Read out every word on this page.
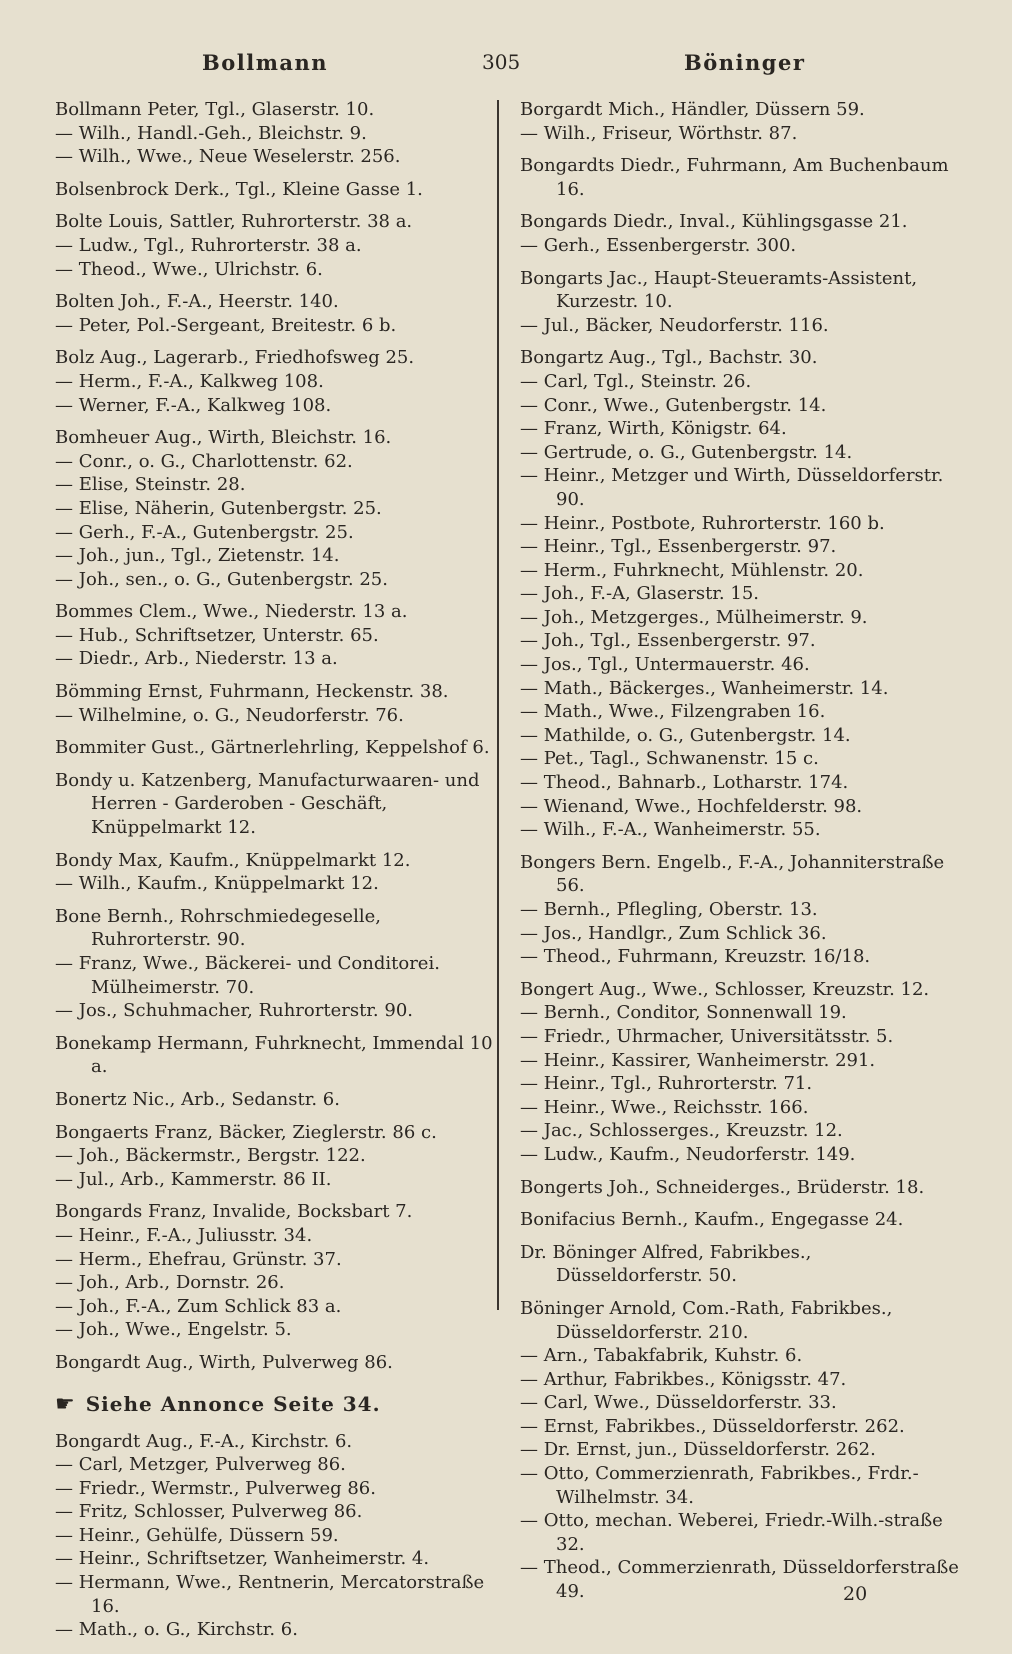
Bollmann	305	Böninger
Bollmann Peter, Tgl., Glaserstr. 10.
— Wilh., Handl.-Geh., Bleichstr. 9.
— Wilh., Wwe., Neue Weselerstr. 256.
Bolsenbrock Derk., Tgl., Kleine Gasse 1.
Bolte Louis, Sattler, Ruhrorterstr. 38 a.
— Ludw., Tgl., Ruhrorterstr. 38 a.
— Theod., Wwe., Ulrichstr. 6.
Bolten Joh., F.-A., Heerstr. 140.
— Peter, Pol.-Sergeant, Breitestr. 6 b.
Bolz Aug., Lagerarb., Friedhofsweg 25.
— Herm., F.-A., Kalkweg 108.
— Werner, F.-A., Kalkweg 108.
Bomheuer Aug., Wirth, Bleichstr. 16.
— Conr., o. G., Charlottenstr. 62.
— Elise, Steinstr. 28.
— Elise, Näherin, Gutenbergstr. 25.
— Gerh., F.-A., Gutenbergstr. 25.
— Joh., jun., Tgl., Zietenstr. 14.
— Joh., sen., o. G., Gutenbergstr. 25.
Bommes Clem., Wwe., Niederstr. 13 a.
— Hub., Schriftsetzer, Unterstr. 65.
— Diedr., Arb., Niederstr. 13 a.
Bömming Ernst, Fuhrmann, Heckenstr. 38.
— Wilhelmine, o. G., Neudorferstr. 76.
Bommiter Gust., Gärtnerlehrling, Keppelshof 6.
Bondy u. Katzenberg, Manufacturwaaren- und Herren - Garderoben - Geschäft, Knüppelmarkt 12.
Bondy Max, Kaufm., Knüppelmarkt 12.
— Wilh., Kaufm., Knüppelmarkt 12.
Bone Bernh., Rohrschmiedegeselle, Ruhrorterstr. 90.
— Franz, Wwe., Bäckerei- und Conditorei. Mülheimerstr. 70.
— Jos., Schuhmacher, Ruhrorterstr. 90.
Bonekamp Hermann, Fuhrknecht, Immendal 10 a.
Bonertz Nic., Arb., Sedanstr. 6.
Bongaerts Franz, Bäcker, Zieglerstr. 86 c.
— Joh., Bäckermstr., Bergstr. 122.
— Jul., Arb., Kammerstr. 86 II.
Bongards Franz, Invalide, Bocksbart 7.
— Heinr., F.-A., Juliusstr. 34.
— Herm., Ehefrau, Grünstr. 37.
— Joh., Arb., Dornstr. 26.
— Joh., F.-A., Zum Schlick 83 a.
— Joh., Wwe., Engelstr. 5.
Bongardt Aug., Wirth, Pulverweg 86.
☛ Siehe Annonce Seite 34.
Bongardt Aug., F.-A., Kirchstr. 6.
— Carl, Metzger, Pulverweg 86.
— Friedr., Wermstr., Pulverweg 86.
— Fritz, Schlosser, Pulverweg 86.
— Heinr., Gehülfe, Düssern 59.
— Heinr., Schriftsetzer, Wanheimerstr. 4.
— Hermann, Wwe., Rentnerin, Mercatorstraße 16.
— Math., o. G., Kirchstr. 6.
Borgardt Mich., Händler, Düssern 59.
— Wilh., Friseur, Wörthstr. 87.
Bongardts Diedr., Fuhrmann, Am Buchenbaum 16.
Bongards Diedr., Inval., Kühlingsgasse 21.
— Gerh., Essenbergerstr. 300.
Bongarts Jac., Haupt-Steueramts-Assistent, Kurzestr. 10.
— Jul., Bäcker, Neudorferstr. 116.
Bongartz Aug., Tgl., Bachstr. 30.
— Carl, Tgl., Steinstr. 26.
— Conr., Wwe., Gutenbergstr. 14.
— Franz, Wirth, Königstr. 64.
— Gertrude, o. G., Gutenbergstr. 14.
— Heinr., Metzger und Wirth, Düsseldorferstr. 90.
— Heinr., Postbote, Ruhrorterstr. 160 b.
— Heinr., Tgl., Essenbergerstr. 97.
— Herm., Fuhrknecht, Mühlenstr. 20.
— Joh., F.-A, Glaserstr. 15.
— Joh., Metzgerges., Mülheimerstr. 9.
— Joh., Tgl., Essenbergerstr. 97.
— Jos., Tgl., Untermauerstr. 46.
— Math., Bäckerges., Wanheimerstr. 14.
— Math., Wwe., Filzengraben 16.
— Mathilde, o. G., Gutenbergstr. 14.
— Pet., Tagl., Schwanenstr. 15 c.
— Theod., Bahnarb., Lotharstr. 174.
— Wienand, Wwe., Hochfelderstr. 98.
— Wilh., F.-A., Wanheimerstr. 55.
Bongers Bern. Engelb., F.-A., Johanniterstraße 56.
— Bernh., Pflegling, Oberstr. 13.
— Jos., Handlgr., Zum Schlick 36.
— Theod., Fuhrmann, Kreuzstr. 16/18.
Bongert Aug., Wwe., Schlosser, Kreuzstr. 12.
— Bernh., Conditor, Sonnenwall 19.
— Friedr., Uhrmacher, Universitätsstr. 5.
— Heinr., Kassirer, Wanheimerstr. 291.
— Heinr., Tgl., Ruhrorterstr. 71.
— Heinr., Wwe., Reichsstr. 166.
— Jac., Schlosserges., Kreuzstr. 12.
— Ludw., Kaufm., Neudorferstr. 149.
Bongerts Joh., Schneiderges., Brüderstr. 18.
Bonifacius Bernh., Kaufm., Engegasse 24.
Dr. Böninger Alfred, Fabrikbes., Düsseldorferstr. 50.
Böninger Arnold, Com.-Rath, Fabrikbes., Düsseldorferstr. 210.
— Arn., Tabakfabrik, Kuhstr. 6.
— Arthur, Fabrikbes., Königsstr. 47.
— Carl, Wwe., Düsseldorferstr. 33.
— Ernst, Fabrikbes., Düsseldorferstr. 262.
— Dr. Ernst, jun., Düsseldorferstr. 262.
— Otto, Commerzienrath, Fabrikbes., Frdr.-Wilhelmstr. 34.
— Otto, mechan. Weberei, Friedr.-Wilh.-straße 32.
— Theod., Commerzienrath, Düsseldorferstraße 49.	20
